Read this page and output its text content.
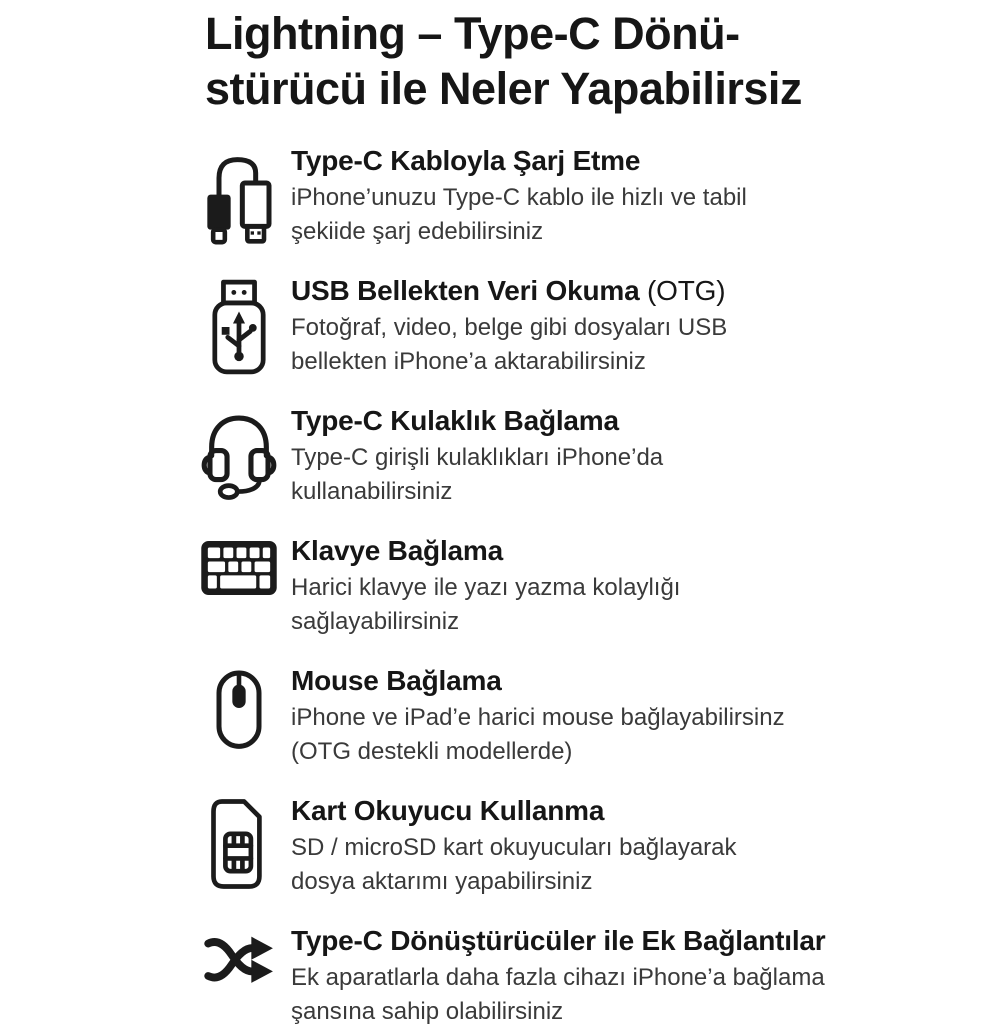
Lightning – Type-C Dönü-
stürücü ile Neler Yapabilirsiz
Type-C Kabloyla Şarj Etme
iPhone’unuzu Type-C kablo ile hizlı ve tabil
şekiide şarj edebilirsiniz
USB Bellekten Veri Okuma (OTG)
Fotoğraf, video, belge gibi dosyaları USB
bellekten iPhone’a aktarabilirsiniz
Type-C Kulaklık Bağlama
Type-C girişli kulaklıkları iPhone’da
kullanabilirsiniz
Klavye Bağlama
Harici klavye ile yazı yazma kolaylığı
sağlayabilirsiniz
Mouse Bağlama
iPhone ve iPad’e harici mouse bağlayabilirsinz
(OTG destekli modellerde)
Kart Okuyucu Kullanma
SD / microSD kart okuyucuları bağlayarak
dosya aktarımı yapabilirsiniz
Type-C Dönüştürücüler ile Ek Bağlantılar
Ek aparatlarla daha fazla cihazı iPhone’a bağlama
şansına sahip olabilirsiniz
